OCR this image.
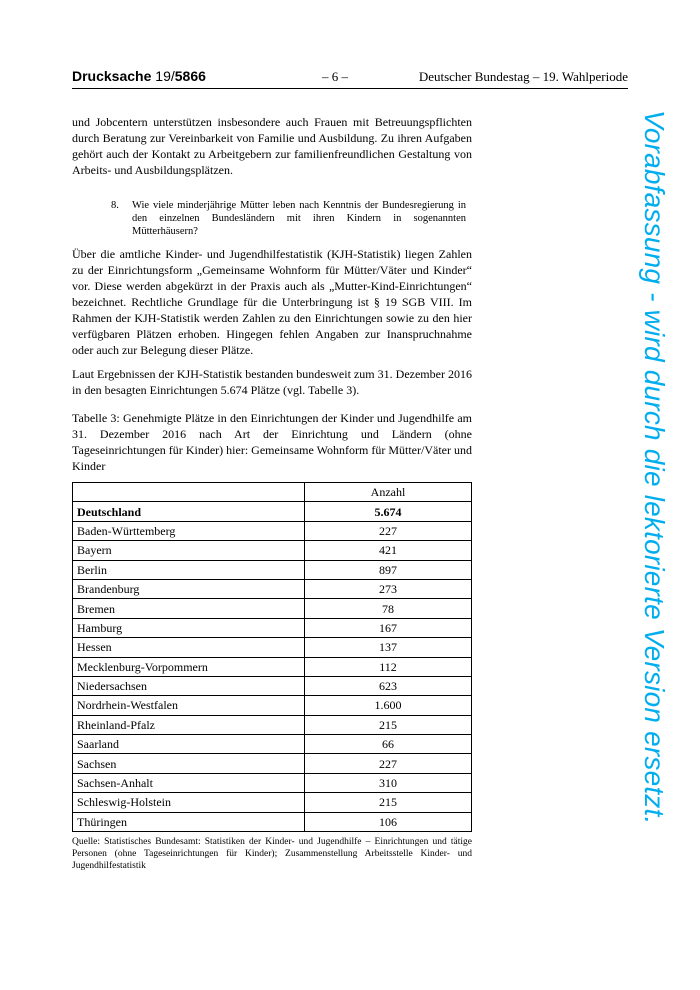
Drucksache 19/5866	– 6 –	Deutscher Bundestag – 19. Wahlperiode

und Jobcentern unterstützen insbesondere auch Frauen mit Betreuungspflichten durch Beratung zur Vereinbarkeit von Familie und Ausbildung. Zu ihren Aufgaben gehört auch der Kontakt zu Arbeitgebern zur familienfreundlichen Gestaltung von Arbeits- und Ausbildungsplätzen.

8. Wie viele minderjährige Mütter leben nach Kenntnis der Bundesregierung in den einzelnen Bundesländern mit ihren Kindern in sogenannten Mütterhäusern?

Über die amtliche Kinder- und Jugendhilfestatistik (KJH-Statistik) liegen Zahlen zu der Einrichtungsform „Gemeinsame Wohnform für Mütter/Väter und Kinder“ vor. Diese werden abgekürzt in der Praxis auch als „Mutter-Kind-Einrichtungen“ bezeichnet. Rechtliche Grundlage für die Unterbringung ist § 19 SGB VIII. Im Rahmen der KJH-Statistik werden Zahlen zu den Einrichtungen sowie zu den hier verfügbaren Plätzen erhoben. Hingegen fehlen Angaben zur Inanspruchnahme oder auch zur Belegung dieser Plätze.

Laut Ergebnissen der KJH-Statistik bestanden bundesweit zum 31. Dezember 2016 in den besagten Einrichtungen 5.674 Plätze (vgl. Tabelle 3).

Tabelle 3: Genehmigte Plätze in den Einrichtungen der Kinder und Jugendhilfe am 31. Dezember 2016 nach Art der Einrichtung und Ländern (ohne Tageseinrichtungen für Kinder) hier: Gemeinsame Wohnform für Mütter/Väter und Kinder

	Anzahl
Deutschland	5.674
Baden-Württemberg	227
Bayern	421
Berlin	897
Brandenburg	273
Bremen	78
Hamburg	167
Hessen	137
Mecklenburg-Vorpommern	112
Niedersachsen	623
Nordrhein-Westfalen	1.600
Rheinland-Pfalz	215
Saarland	66
Sachsen	227
Sachsen-Anhalt	310
Schleswig-Holstein	215
Thüringen	106
Quelle: Statistisches Bundesamt: Statistiken der Kinder- und Jugendhilfe – Einrichtungen und tätige Personen (ohne Tageseinrichtungen für Kinder); Zusammenstellung Arbeitsstelle Kinder- und Jugendhilfestatistik
Vorabfassung - wird durch die lektorierte Version ersetzt.
